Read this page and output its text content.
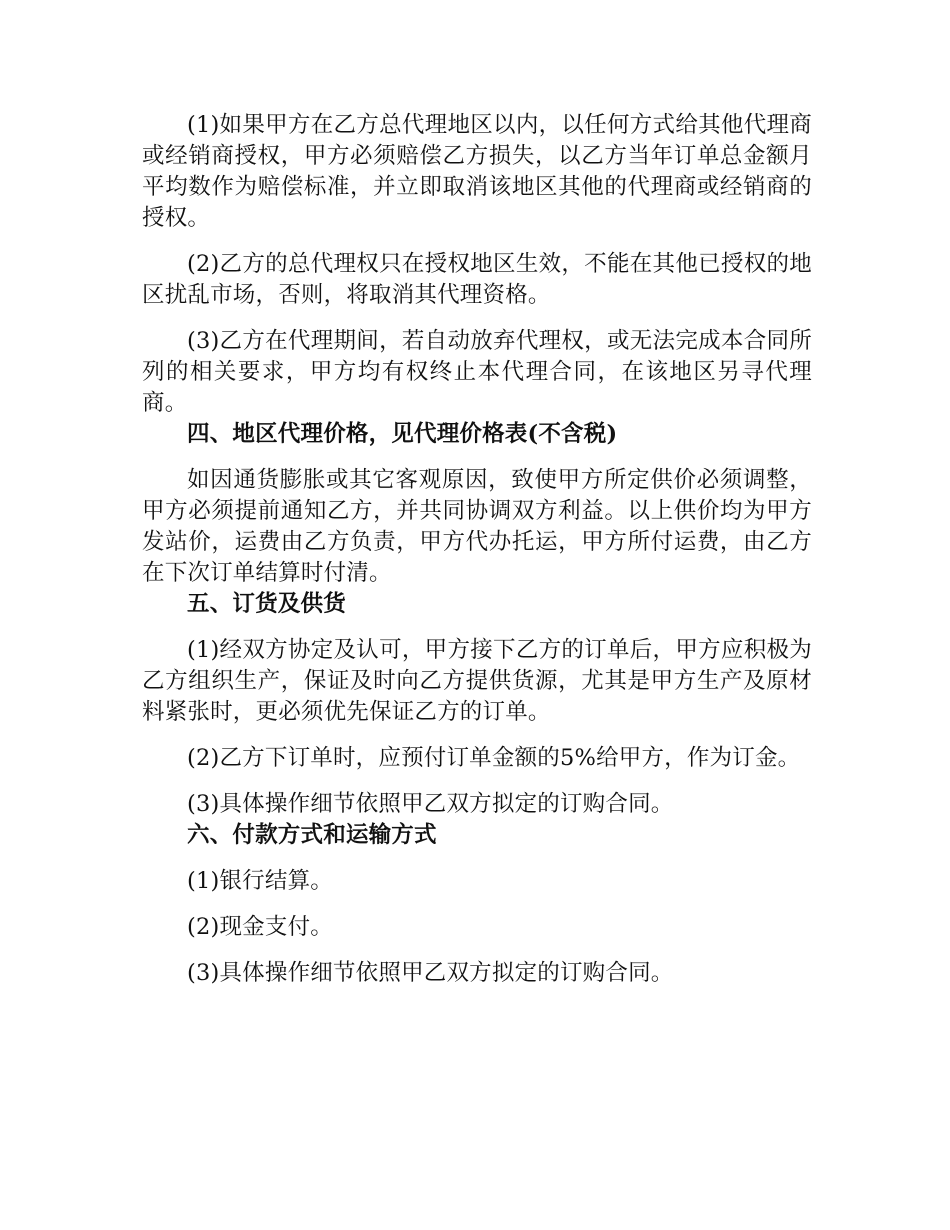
(1)如果甲方在乙方总代理地区以内，以任何方式给其他代理商或经销商授权，甲方必须赔偿乙方损失，以乙方当年订单总金额月平均数作为赔偿标准，并立即取消该地区其他的代理商或经销商的授权。

(2)乙方的总代理权只在授权地区生效，不能在其他已授权的地区扰乱市场，否则，将取消其代理资格。

(3)乙方在代理期间，若自动放弃代理权，或无法完成本合同所列的相关要求，甲方均有权终止本代理合同，在该地区另寻代理商。

四、地区代理价格，见代理价格表(不含税)

如因通货膨胀或其它客观原因，致使甲方所定供价必须调整，甲方必须提前通知乙方，并共同协调双方利益。以上供价均为甲方发站价，运费由乙方负责，甲方代办托运，甲方所付运费，由乙方在下次订单结算时付清。

五、订货及供货

(1)经双方协定及认可，甲方接下乙方的订单后，甲方应积极为乙方组织生产，保证及时向乙方提供货源，尤其是甲方生产及原材料紧张时，更必须优先保证乙方的订单。

(2)乙方下订单时，应预付订单金额的5%给甲方，作为订金。

(3)具体操作细节依照甲乙双方拟定的订购合同。

六、付款方式和运输方式

(1)银行结算。

(2)现金支付。

(3)具体操作细节依照甲乙双方拟定的订购合同。
